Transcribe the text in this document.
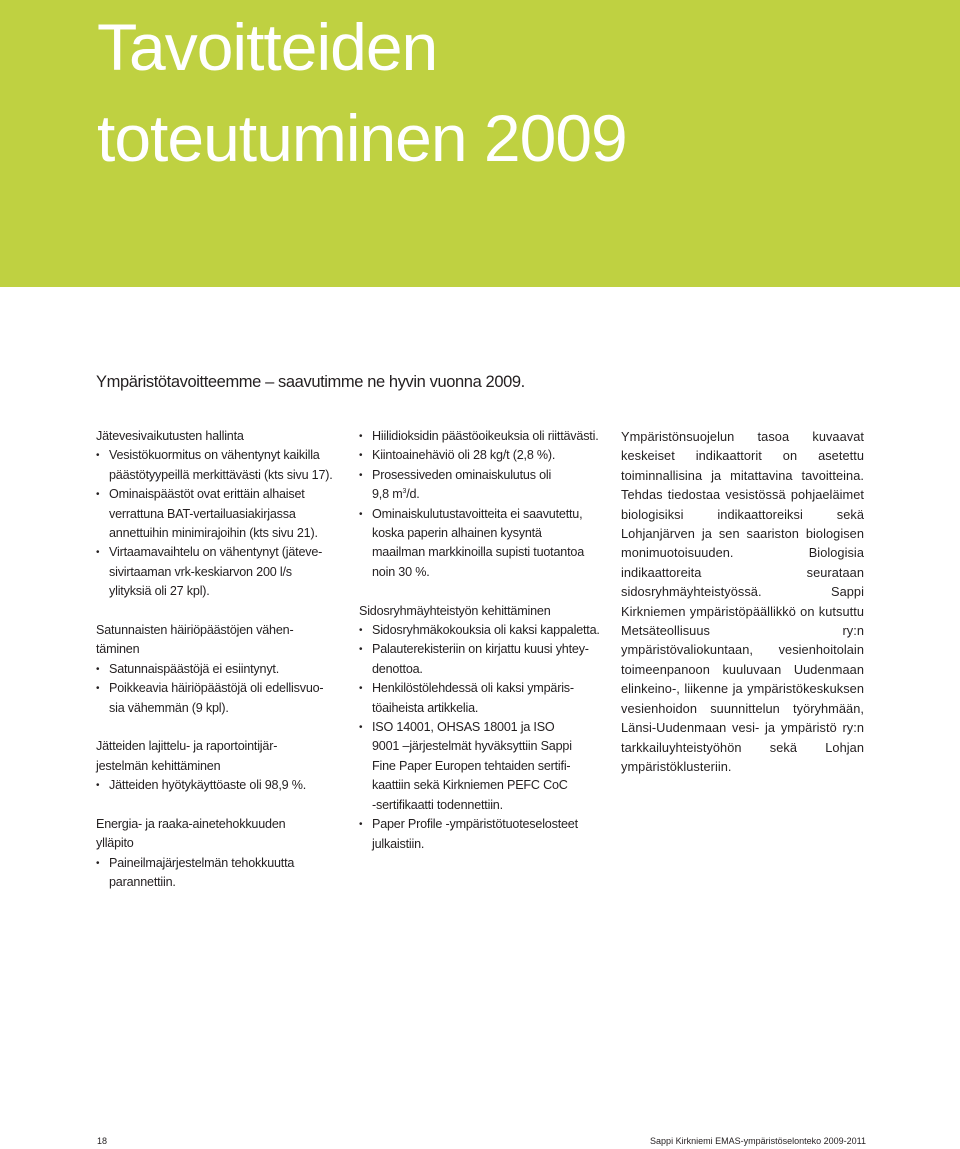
Tavoitteiden
toteutuminen 2009
Ympäristötavoitteemme – saavutimme ne hyvin vuonna 2009.

Jätevesivaikutusten hallinta

• Vesistökuormitus on vähentynyt kaikilla
päästötyypeillä merkittävästi (kts sivu 17).
• Ominaispäästöt ovat erittäin alhaiset
verrattuna BAT-vertailuasiakirjassa
annettuihin minimirajoihin (kts sivu 21).
• Virtaamavaihtelu on vähentynyt (jäteve-
sivirtaaman vrk-keskiarvon 200 l/s
ylityksiä oli 27 kpl).

Satunnaisten häiriöpäästöjen vähen-
täminen

• Satunnaispäästöjä ei esiintynyt.
• Poikkeavia häiriöpäästöjä oli edellisvuo-
sia vähemmän (9 kpl).

Jätteiden lajittelu- ja raportointijär-
jestelmän kehittäminen

• Jätteiden hyötykäyttöaste oli 98,9 %.

Energia- ja raaka-ainetehokkuuden
ylläpito

• Paineilmajärjestelmän tehokkuutta
parannettiin.
• Hiilidioksidin päästöoikeuksia oli riittävästi.
• Kiintoainehäviö oli 28 kg/t (2,8 %).
• Prosessiveden ominaiskulutus oli
9,8 $m^3/d$.
• Ominaiskulutustavoitteita ei saavutettu,
koska paperin alhainen kysyntä
maailman markkinoilla supisti tuotantoa
noin 30 %.

Sidosryhmäyhteistyön kehittäminen

• Sidosryhmäkokouksia oli kaksi kappaletta.
• Palauterekisteriin on kirjattu kuusi yhtey-
denottoa.
• Henkilöstölehdessä oli kaksi ympäris-
töaiheista artikkelia.
• ISO 14001, OHSAS 18001 ja ISO
9001 –järjestelmät hyväksyttiin Sappi
Fine Paper Europen tehtaiden sertifi-
kaattiin sekä Kirkniemen PEFC CoC
-sertifikaatti todennettiin.
• Paper Profile -ympäristötuoteselosteet
julkaistiin.

Ympäristönsuojelun tasoa kuvaavat keskeiset indikaattorit on asetettu toiminnallisina ja mitattavina tavoitteina. Tehdas tiedostaa vesistössä pohjaeläimet biologisiksi indikaattoreiksi sekä Lohjanjärven ja sen saariston biologisen monimuotoisuuden. Biologisia indikaattoreita seurataan sidosryhmäyhteistyössä. Sappi Kirkniemen ympäristöpäällikkö on kutsuttu Metsäteollisuus ry:n ympäristövaliokuntaan, vesienhoitolain toimeenpanoon kuuluvaan Uudenmaan elinkeino-, liikenne ja ympäristökeskuksen vesienhoidon suunnittelun työryhmään, Länsi-Uudenmaan vesi- ja ympäristö ry:n tarkkailuyhteistyöhön sekä Lohjan ympäristöklusteriin.

18	Sappi Kirkniemi EMAS-ympäristöselonteko 2009-2011
